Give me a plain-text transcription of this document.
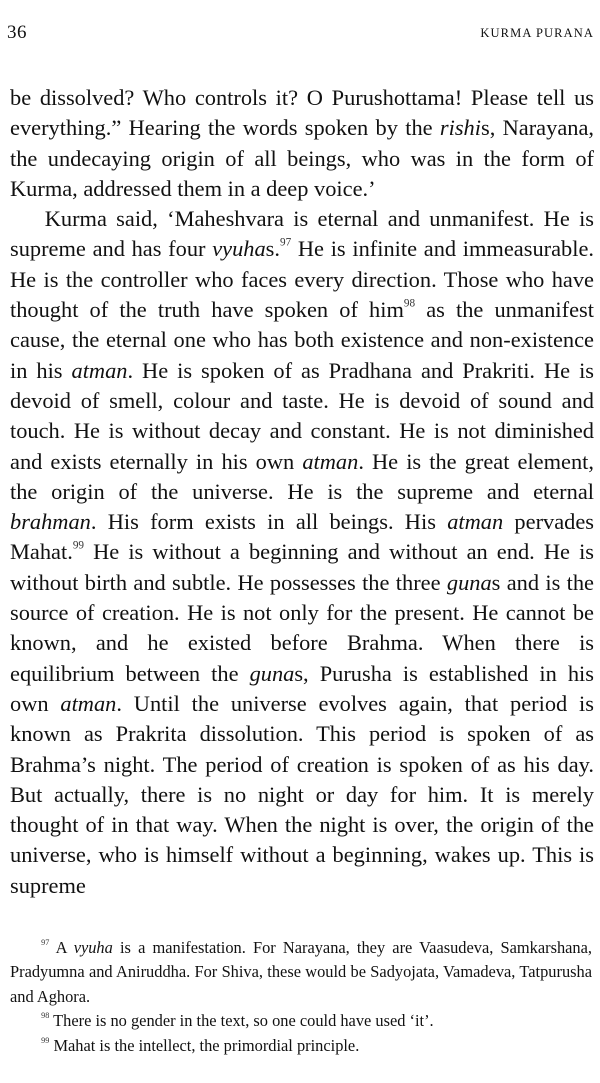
36	KURMA PURANA

be dissolved? Who controls it? O Purushottama! Please tell us everything.” Hearing the words spoken by the rishis, Narayana, the undecaying origin of all beings, who was in the form of Kurma, addressed them in a deep voice.’

Kurma said, ‘Maheshvara is eternal and unmanifest. He is supreme and has four vyuhas.$^{97}$ He is infinite and immeasurable. He is the controller who faces every direction. Those who have thought of the truth have spoken of him$^{98}$ as the unmanifest cause, the eternal one who has both existence and non-existence in his atman. He is spoken of as Pradhana and Prakriti. He is devoid of smell, colour and taste. He is devoid of sound and touch. He is without decay and constant. He is not diminished and exists eternally in his own atman. He is the great element, the origin of the universe. He is the supreme and eternal brahman. His form exists in all beings. His atman pervades Mahat.$^{99}$ He is without a beginning and without an end. He is without birth and subtle. He possesses the three gunas and is the source of creation. He is not only for the present. He cannot be known, and he existed before Brahma. When there is equilibrium between the gunas, Purusha is established in his own atman. Until the universe evolves again, that period is known as Prakrita dissolution. This period is spoken of as Brahma’s night. The period of creation is spoken of as his day. But actually, there is no night or day for him. It is merely thought of in that way. When the night is over, the origin of the universe, who is himself without a beginning, wakes up. This is supreme

$^{97}$ A vyuha is a manifestation. For Narayana, they are Vaasudeva, Samkarshana, Pradyumna and Aniruddha. For Shiva, these would be Sadyojata, Vamadeva, Tatpurusha and Aghora.

$^{98}$ There is no gender in the text, so one could have used ‘it’.

$^{99}$ Mahat is the intellect, the primordial principle.
